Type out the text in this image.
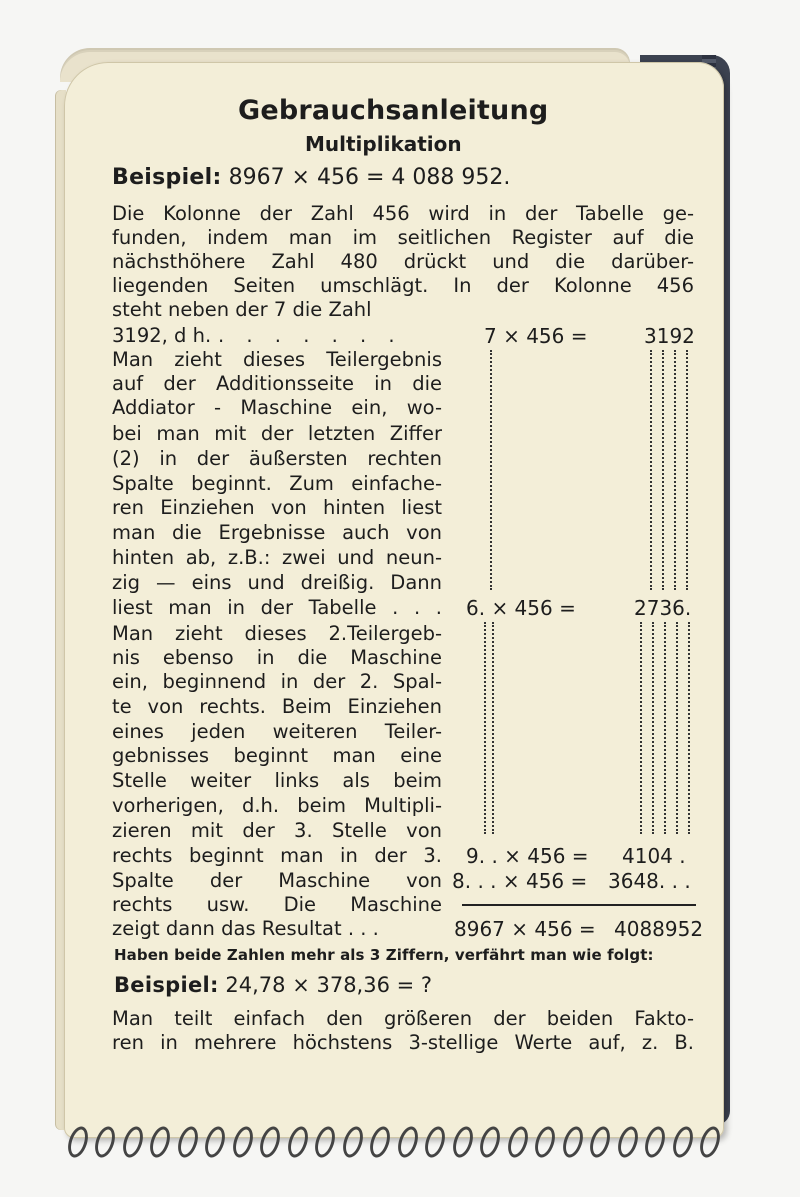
Gebrauchsanleitung
Multiplikation
Beispiel: 8967 × 456 = 4 088 952.
Die Kolonne der Zahl 456 wird in der Tabelle ge-
funden, indem man im seitlichen Register auf die
nächsthöhere Zahl 480 drückt und die darüber-
liegenden Seiten umschlägt. In der Kolonne 456
steht neben der 7 die Zahl
3192, d h. . . . . . . .
Man zieht dieses Teilergebnis
auf der Additionsseite in die
Addiator - Maschine ein, wo-
bei man mit der letzten Ziffer
(2) in der äußersten rechten
Spalte beginnt. Zum einfache-
ren Einziehen von hinten liest
man die Ergebnisse auch von
hinten ab, z.B.: zwei und neun-
zig — eins und dreißig. Dann
liest man in der Tabelle . . .
Man zieht dieses 2.Teilergeb-
nis ebenso in die Maschine
ein, beginnend in der 2. Spal-
te von rechts. Beim Einziehen
eines jeden weiteren Teiler-
gebnisses beginnt man eine
Stelle weiter links als beim
vorherigen, d.h. beim Multipli-
zieren mit der 3. Stelle von
rechts beginnt man in der 3.
Spalte der Maschine von
rechts usw. Die Maschine
zeigt dann das Resultat . . .
7 × 456 =	3192
6. × 456 =	2736.
9. . × 456 = 4104 .
8. . . × 456 = 3648. . .
8967 × 456 = 4088952
Haben beide Zahlen mehr als 3 Ziffern, verfährt man wie folgt:
Beispiel: 24,78 × 378,36 = ?
Man teilt einfach den größeren der beiden Fakto-
ren in mehrere höchstens 3-stellige Werte auf, z. B.
